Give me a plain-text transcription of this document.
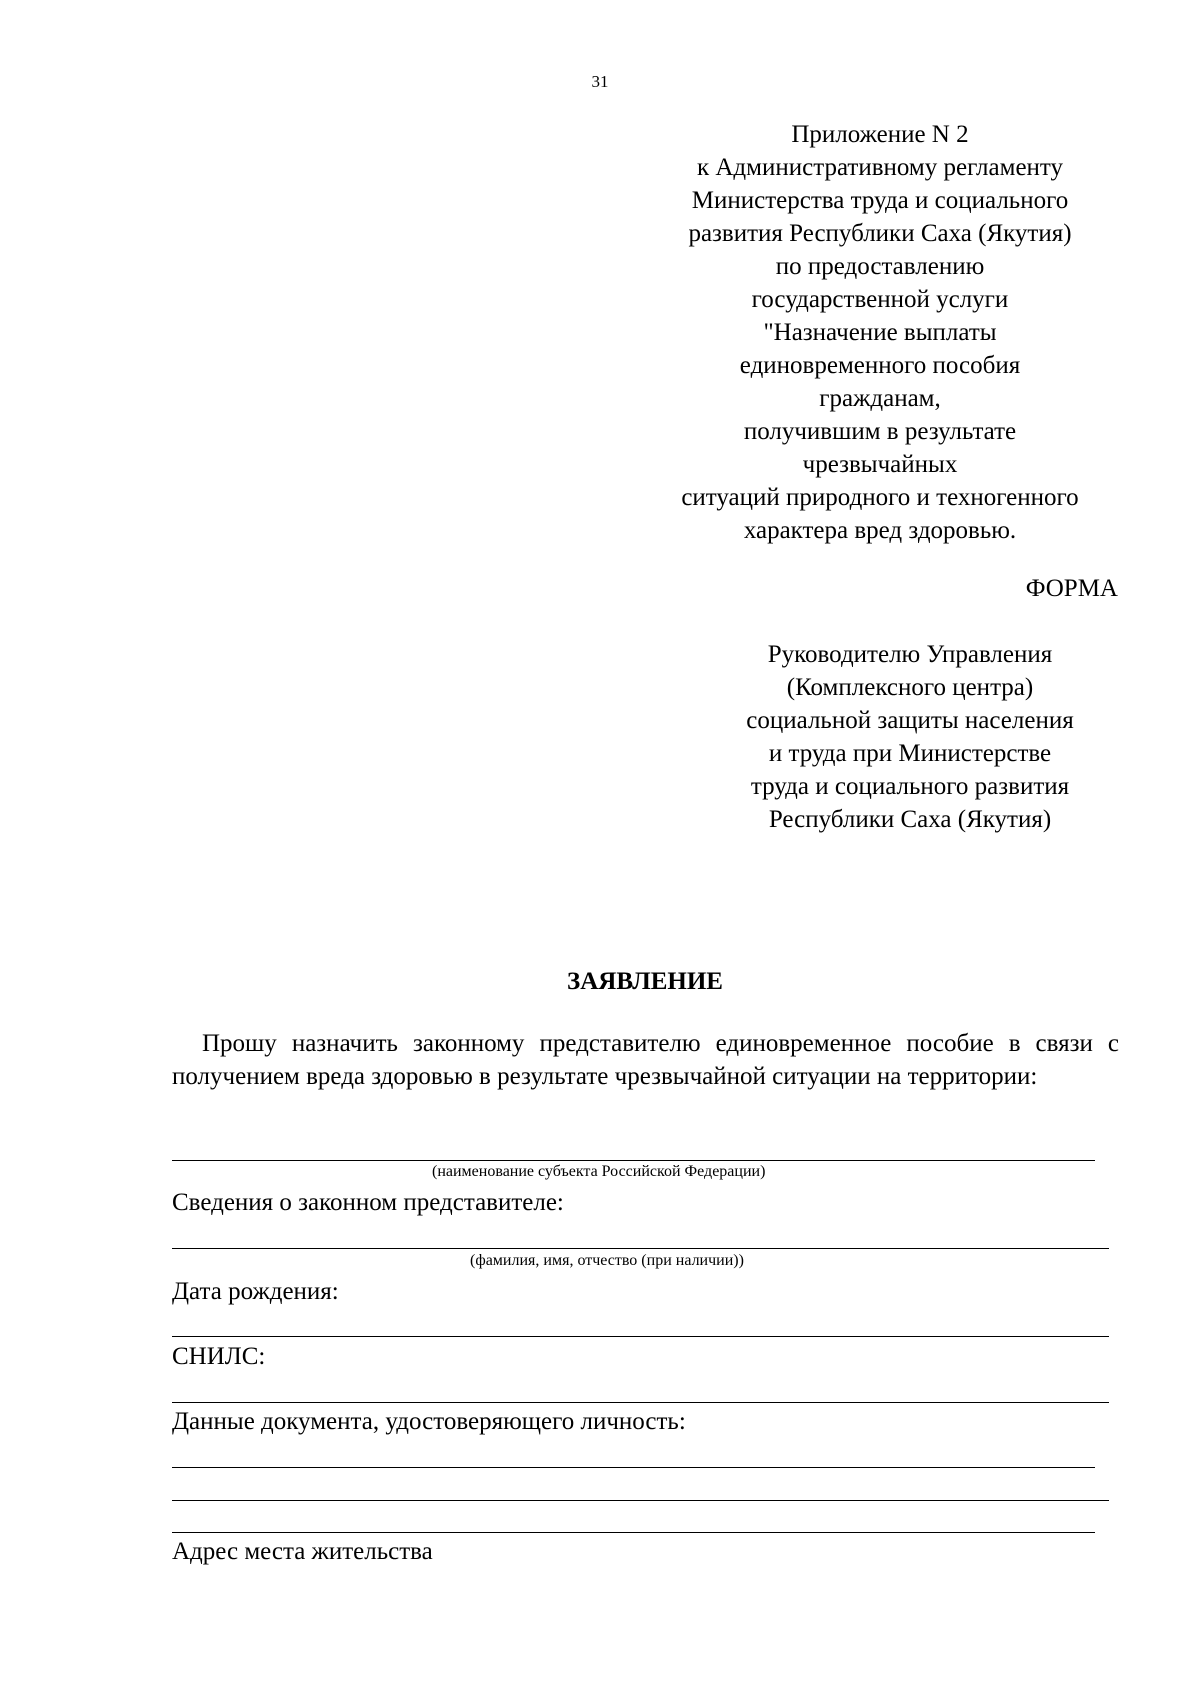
31
Приложение N 2
к Административному регламенту
Министерства труда и социального
развития Республики Саха (Якутия)
по предоставлению
государственной услуги
"Назначение выплаты
единовременного пособия
гражданам,
получившим в результате
чрезвычайных
ситуаций природного и техногенного
характера вред здоровью.
ФОРМА
Руководителю Управления
(Комплексного центра)
социальной защиты населения
и труда при Министерстве
труда и социального развития
Республики Саха (Якутия)
ЗАЯВЛЕНИЕ
Прошу назначить законному представителю единовременное пособие в связи с получением вреда здоровью в результате чрезвычайной ситуации на территории:
(наименование субъекта Российской Федерации)
Сведения о законном представителе:
(фамилия, имя, отчество (при наличии))
Дата рождения:
СНИЛС:
Данные документа, удостоверяющего личность:
Адрес места жительства
